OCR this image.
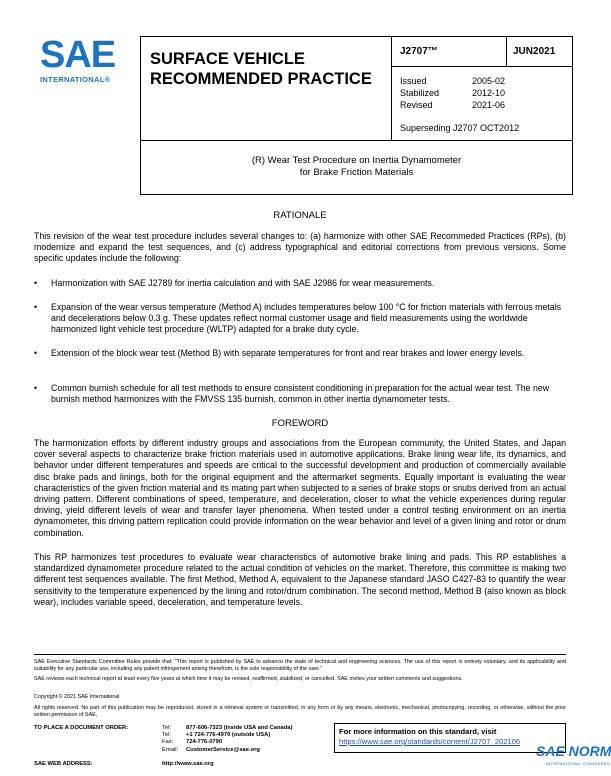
SAE
INTERNATIONAL®
SURFACE VEHICLE
RECOMMENDED PRACTICE
J2707™	JUN2021
Issued	2005-02
Stabilized	2012-10
Revised	2021-06
Superseding J2707 OCT2012
(R) Wear Test Procedure on Inertia Dynamometer
for Brake Friction Materials
RATIONALE
This revision of the wear test procedure includes several changes to: (a) harmonize with other SAE Recommeded Practices (RPs), (b) modernize and expand the test sequences, and (c) address typographical and editorial corrections from previous versions. Some specific updates include the following:
• Harmonization with SAE J2789 for inertia calculation and with SAE J2986 for wear measurements.
• Expansion of the wear versus temperature (Method A) includes temperatures below 100 °C for friction materials with ferrous metals and decelerations below 0.3 g. These updates reflect normal customer usage and field measurements using the worldwide harmonized light vehicle test procedure (WLTP) adapted for a brake duty cycle.
• Extension of the block wear test (Method B) with separate temperatures for front and rear brakes and lower energy levels.
• Common burnish schedule for all test methods to ensure consistent conditioning in preparation for the actual wear test. The new burnish method harmonizes with the FMVSS 135 burnish, common in other inertia dynamometer tests.
FOREWORD
The harmonization efforts by different industry groups and associations from the European community, the United States, and Japan cover several aspects to characterize brake friction materials used in automotive applications. Brake lining wear life, its dynamics, and behavior under different temperatures and speeds are critical to the successful development and production of commercially available disc brake pads and linings, both for the original equipment and the aftermarket segments. Equally important is evaluating the wear characteristics of the given friction material and its mating part when subjected to a series of brake stops or snubs derived from an actual driving pattern. Different combinations of speed, temperature, and deceleration, closer to what the vehicle experiences during regular driving, yield different levels of wear and transfer layer phenomena. When tested under a control testing environment on an inertia dynamometer, this driving pattern replication could provide information on the wear behavior and level of a given lining and rotor or drum combination.
This RP harmonizes test procedures to evaluate wear characteristics of automotive brake lining and pads. This RP establishes a standardized dynamometer procedure related to the actual condition of vehicles on the market. Therefore, this committee is making two different test sequences available. The first Method, Method A, equivalent to the Japanese standard JASO C427-83 to quantify the wear sensitivity to the temperature experienced by the lining and rotor/drum combination. The second method, Method B (also known as block wear), includes variable speed, deceleration, and temperature levels.
SAE Executive Standards Committee Rules provide that: “This report is published by SAE to advance the state of technical and engineering sciences. The use of this report is entirely voluntary, and its applicability and suitability for any particular use, including any patent infringement arising therefrom, is the sole responsibility of the user.”
SAE reviews each technical report at least every five years at which time it may be revised, reaffirmed, stabilized, or cancelled. SAE invites your written comments and suggestions.
Copyright © 2021 SAE International
All rights reserved. No part of this publication may be reproduced, stored in a retrieval system or transmitted, in any form or by any means, electronic, mechanical, photocopying, recording, or otherwise, without the prior written permission of SAE.
TO PLACE A DOCUMENT ORDER:	Tel:	877-606-7323 (inside USA and Canada)
Tel:	+1 724-776-4970 (outside USA)
Fax: 724-776-0790
Email: CustomerService@sae.org
SAE WEB ADDRESS:	http://www.sae.org
For more information on this standard, visit
https://www.sae.org/standards/content/J2707_202106
SAE NORM
INTERNATIONAL STANDARDS
